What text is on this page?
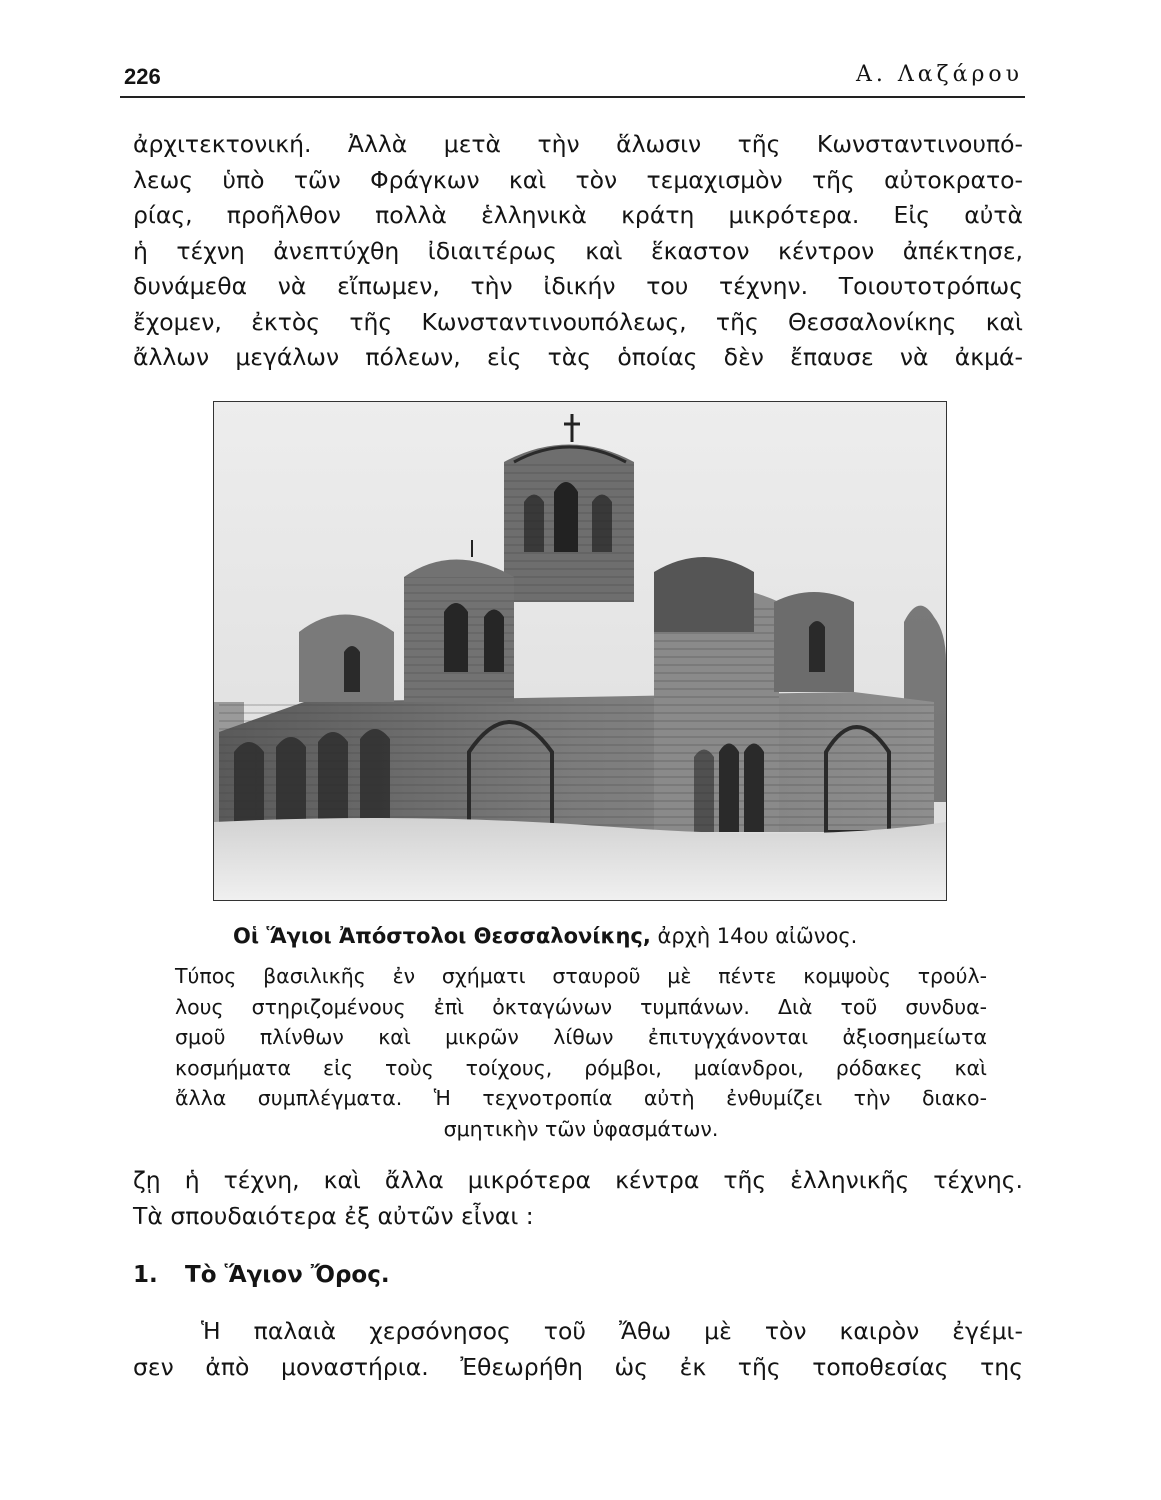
226	Α. Λαζάρου
ἀρχιτεκτονική. Ἀλλὰ μετὰ τὴν ἅλωσιν τῆς Κωνσταντινουπό-
λεως ὑπὸ τῶν Φράγκων καὶ τὸν τεμαχισμὸν τῆς αὐτοκρατο-
ρίας, προῆλθον πολλὰ ἑλληνικὰ κράτη μικρότερα. Εἰς αὐτὰ
ἡ τέχνη ἀνεπτύχθη ἰδιαιτέρως καὶ ἕκαστον κέντρον ἀπέκτησε,
δυνάμεθα νὰ εἴπωμεν, τὴν ἰδικήν του τέχνην. Τοιουτοτρόπως
ἔχομεν, ἐκτὸς τῆς Κωνσταντινουπόλεως, τῆς Θεσσαλονίκης καὶ
ἄλλων μεγάλων πόλεων, εἰς τὰς ὁποίας δὲν ἔπαυσε νὰ ἀκμά-
Οἱ Ἅγιοι Ἀπόστολοι Θεσσαλονίκης, ἀρχὴ 14ου αἰῶνος.
Τύπος βασιλικῆς ἐν σχήματι σταυροῦ μὲ πέντε κομψοὺς τρούλ-
λους στηριζομένους ἐπὶ ὀκταγώνων τυμπάνων. Διὰ τοῦ συνδυα-
σμοῦ πλίνθων καὶ μικρῶν λίθων ἐπιτυγχάνονται ἀξιοσημείωτα
κοσμήματα εἰς τοὺς τοίχους, ρόμβοι, μαίανδροι, ρόδακες καὶ
ἄλλα συμπλέγματα. Ἡ τεχνοτροπία αὐτὴ ἐνθυμίζει τὴν διακο-
σμητικὴν τῶν ὑφασμάτων.
ζῃ ἡ τέχνη, καὶ ἄλλα μικρότερα κέντρα τῆς ἑλληνικῆς τέχνης.
Τὰ σπουδαιότερα ἐξ αὐτῶν εἶναι :
1. Τὸ Ἅγιον Ὄρος.
Ἡ παλαιὰ χερσόνησος τοῦ Ἄθω μὲ τὸν καιρὸν ἐγέμι-
σεν ἀπὸ μοναστήρια. Ἐθεωρήθη ὡς ἐκ τῆς τοποθεσίας της
